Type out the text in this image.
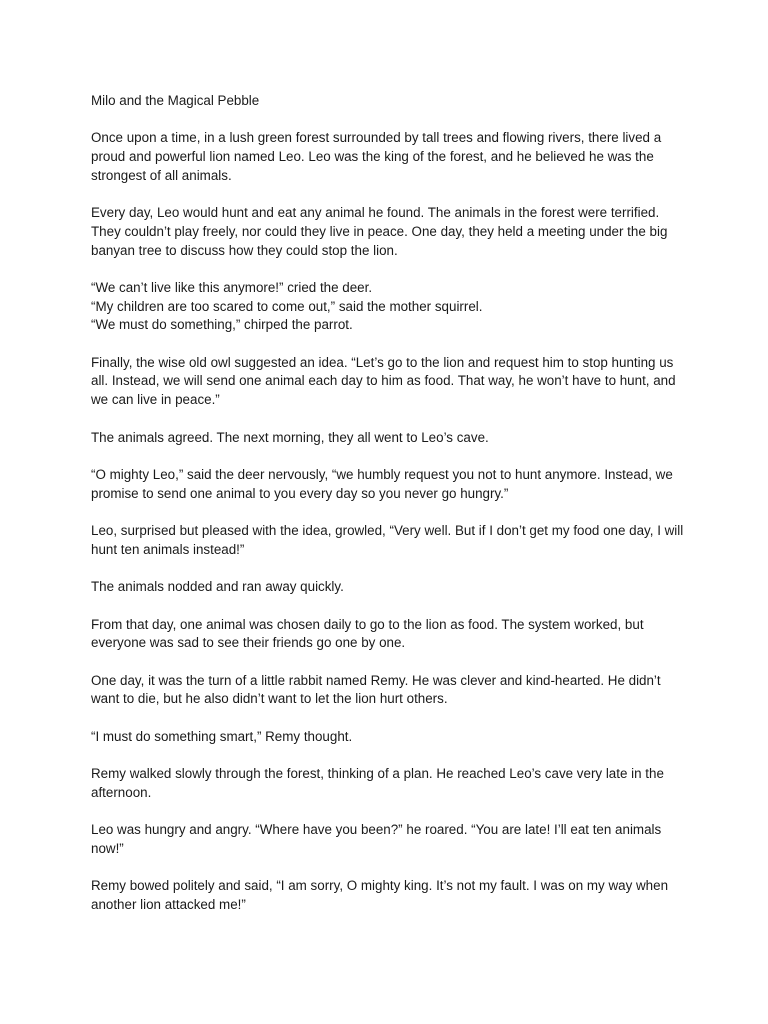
Milo and the Magical Pebble

Once upon a time, in a lush green forest surrounded by tall trees and flowing rivers, there lived a proud and powerful lion named Leo. Leo was the king of the forest, and he believed he was the strongest of all animals.

Every day, Leo would hunt and eat any animal he found. The animals in the forest were terrified. They couldn’t play freely, nor could they live in peace. One day, they held a meeting under the big banyan tree to discuss how they could stop the lion.

“We can’t live like this anymore!” cried the deer.
“My children are too scared to come out,” said the mother squirrel.
“We must do something,” chirped the parrot.

Finally, the wise old owl suggested an idea. “Let’s go to the lion and request him to stop hunting us all. Instead, we will send one animal each day to him as food. That way, he won’t have to hunt, and we can live in peace.”

The animals agreed. The next morning, they all went to Leo’s cave.

“O mighty Leo,” said the deer nervously, “we humbly request you not to hunt anymore. Instead, we promise to send one animal to you every day so you never go hungry.”

Leo, surprised but pleased with the idea, growled, “Very well. But if I don’t get my food one day, I will hunt ten animals instead!”

The animals nodded and ran away quickly.

From that day, one animal was chosen daily to go to the lion as food. The system worked, but everyone was sad to see their friends go one by one.

One day, it was the turn of a little rabbit named Remy. He was clever and kind-hearted. He didn’t want to die, but he also didn’t want to let the lion hurt others.

“I must do something smart,” Remy thought.

Remy walked slowly through the forest, thinking of a plan. He reached Leo’s cave very late in the afternoon.

Leo was hungry and angry. “Where have you been?” he roared. “You are late! I’ll eat ten animals now!”

Remy bowed politely and said, “I am sorry, O mighty king. It’s not my fault. I was on my way when another lion attacked me!”
